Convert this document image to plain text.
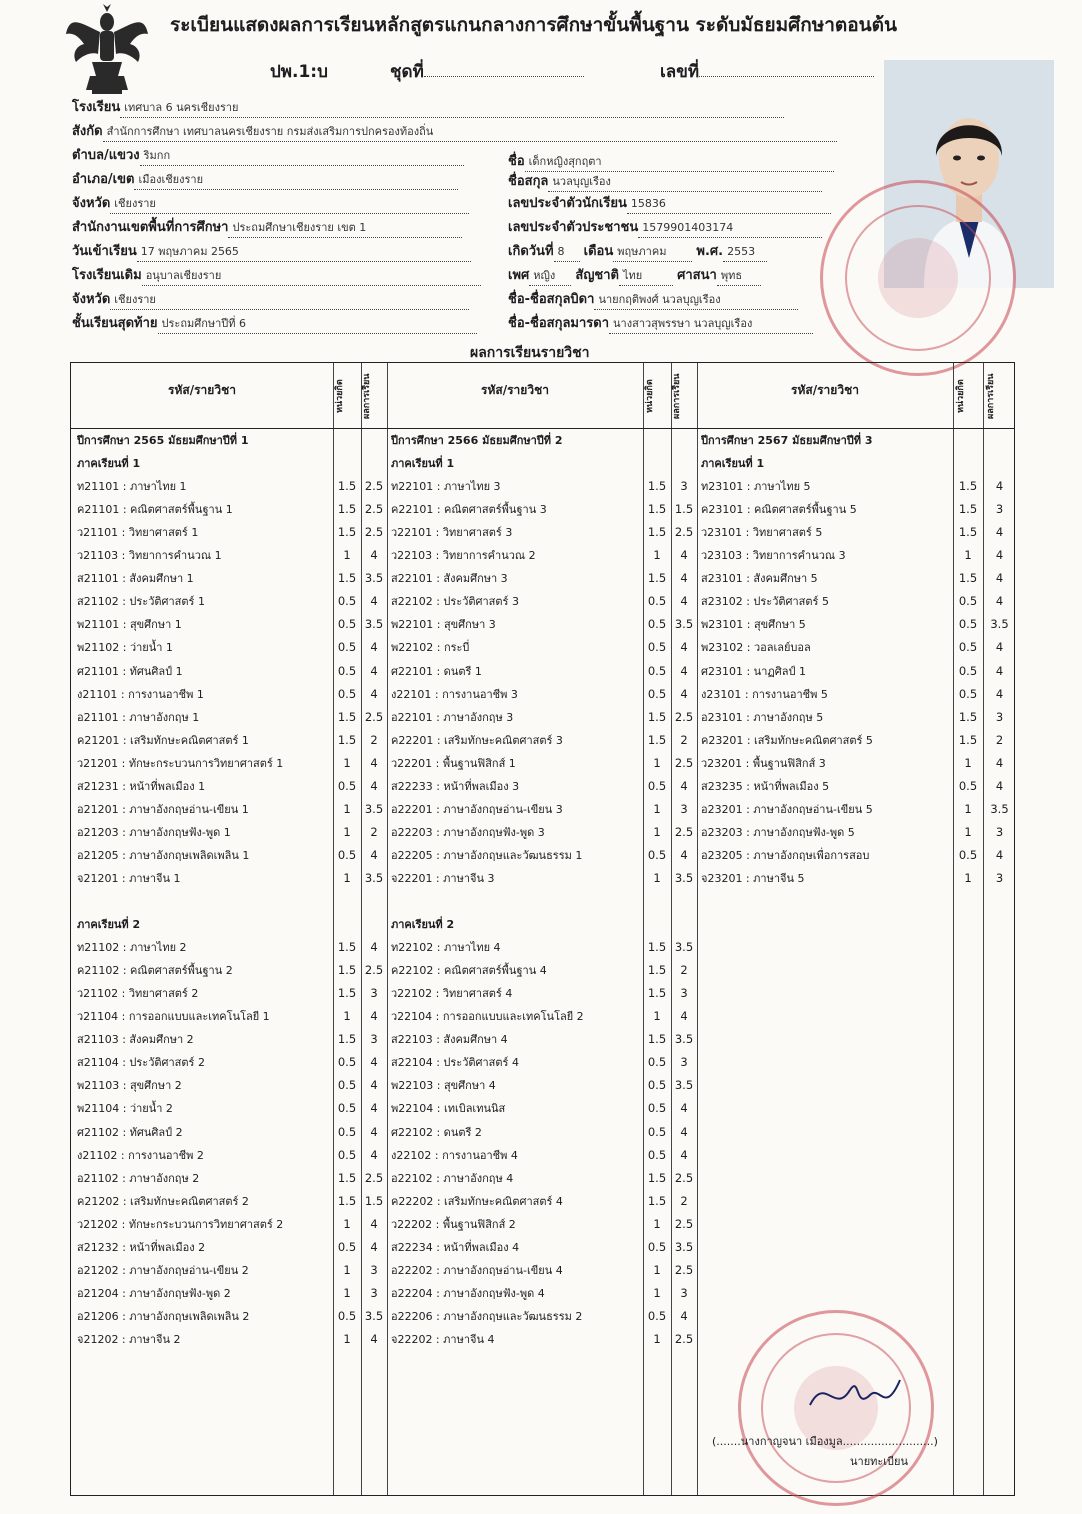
ระเบียนแสดงผลการเรียนหลักสูตรแกนกลางการศึกษาขั้นพื้นฐาน ระดับมัธยมศึกษาตอนต้น
ปพ.1:บ	ชุดที่	เลขที่
โรงเรียน เทศบาล 6 นครเชียงราย
สังกัด สำนักการศึกษา เทศบาลนครเชียงราย กรมส่งเสริมการปกครองท้องถิ่น
ตำบล/แขวง ริมกก
อำเภอ/เขต เมืองเชียงราย
จังหวัด เชียงราย
สำนักงานเขตพื้นที่การศึกษา ประถมศึกษาเชียงราย เขต 1
วันเข้าเรียน 17 พฤษภาคม 2565
โรงเรียนเดิม อนุบาลเชียงราย
จังหวัด เชียงราย
ชั้นเรียนสุดท้าย ประถมศึกษาปีที่ 6
ชื่อ เด็กหญิงสุกฤตา
ชื่อสกุล นวลบุญเรือง
เลขประจำตัวนักเรียน 15836
เลขประจำตัวประชาชน 1579901403174
เกิดวันที่ 8 เดือน พฤษภาคม พ.ศ. 2553
เพศ หญิง สัญชาติ ไทย	ศาสนา พุทธ
ชื่อ-ชื่อสกุลบิดา นายกฤติพงศ์ นวลบุญเรือง
ชื่อ-ชื่อสกุลมารดา นางสาวสุพรรษา นวลบุญเรือง
ผลการเรียนรายวิชา
รหัส/รายวิชา	หน่วยกิต	ผลการเรียน	รหัส/รายวิชา	หน่วยกิต	ผลการเรียน	รหัส/รายวิชา	หน่วยกิต	ผลการเรียน
ปีการศึกษา 2565 มัธยมศึกษาปีที่ 1
ภาคเรียนที่ 1
ท21101 : ภาษาไทย 1	1.5 2.5
ค21101 : คณิตศาสตร์พื้นฐาน 1	1.5 2.5
ว21101 : วิทยาศาสตร์ 1	1.5 2.5
ว21103 : วิทยาการคำนวณ 1	1	4
ส21101 : สังคมศึกษา 1	1.5 3.5
ส21102 : ประวัติศาสตร์ 1	0.5	4
พ21101 : สุขศึกษา 1	0.5 3.5
พ21102 : ว่ายน้ำ 1	0.5	4
ศ21101 : ทัศนศิลป์ 1	0.5	4
ง21101 : การงานอาชีพ 1	0.5	4
อ21101 : ภาษาอังกฤษ 1	1.5 2.5
ค21201 : เสริมทักษะคณิตศาสตร์ 1	1.5	2
ว21201 : ทักษะกระบวนการวิทยาศาสตร์ 1	1	4
ส21231 : หน้าที่พลเมือง 1	0.5	4
อ21201 : ภาษาอังกฤษอ่าน-เขียน 1	1	3.5
อ21203 : ภาษาอังกฤษฟัง-พูด 1	1	2
อ21205 : ภาษาอังกฤษเพลิดเพลิน 1	0.5	4
จ21201 : ภาษาจีน 1	1	3.5
ภาคเรียนที่ 2
ท21102 : ภาษาไทย 2	1.5	4
ค21102 : คณิตศาสตร์พื้นฐาน 2	1.5 2.5
ว21102 : วิทยาศาสตร์ 2	1.5	3
ว21104 : การออกแบบและเทคโนโลยี 1	1	4
ส21103 : สังคมศึกษา 2	1.5	3
ส21104 : ประวัติศาสตร์ 2	0.5	4
พ21103 : สุขศึกษา 2	0.5	4
พ21104 : ว่ายน้ำ 2	0.5	4
ศ21102 : ทัศนศิลป์ 2	0.5	4
ง21102 : การงานอาชีพ 2	0.5	4
อ21102 : ภาษาอังกฤษ 2	1.5 2.5
ค21202 : เสริมทักษะคณิตศาสตร์ 2	1.5 1.5
ว21202 : ทักษะกระบวนการวิทยาศาสตร์ 2	1	4
ส21232 : หน้าที่พลเมือง 2	0.5	4
อ21202 : ภาษาอังกฤษอ่าน-เขียน 2	1	3
อ21204 : ภาษาอังกฤษฟัง-พูด 2	1	3
อ21206 : ภาษาอังกฤษเพลิดเพลิน 2	0.5 3.5
จ21202 : ภาษาจีน 2	1	4
ปีการศึกษา 2566 มัธยมศึกษาปีที่ 2
ภาคเรียนที่ 1
ท22101 : ภาษาไทย 3	1.5	3
ค22101 : คณิตศาสตร์พื้นฐาน 3	1.5 1.5
ว22101 : วิทยาศาสตร์ 3	1.5 2.5
ว22103 : วิทยาการคำนวณ 2	1	4
ส22101 : สังคมศึกษา 3	1.5	4
ส22102 : ประวัติศาสตร์ 3	0.5	4
พ22101 : สุขศึกษา 3	0.5 3.5
พ22102 : กระบี่	0.5	4
ศ22101 : ดนตรี 1	0.5	4
ง22101 : การงานอาชีพ 3	0.5	4
อ22101 : ภาษาอังกฤษ 3	1.5 2.5
ค22201 : เสริมทักษะคณิตศาสตร์ 3	1.5	2
ว22201 : พื้นฐานฟิสิกส์ 1	1	2.5
ส22233 : หน้าที่พลเมือง 3	0.5	4
อ22201 : ภาษาอังกฤษอ่าน-เขียน 3	1	3
อ22203 : ภาษาอังกฤษฟัง-พูด 3	1	2.5
อ22205 : ภาษาอังกฤษและวัฒนธรรม 1	0.5	4
จ22201 : ภาษาจีน 3	1	3.5
ภาคเรียนที่ 2
ท22102 : ภาษาไทย 4	1.5 3.5
ค22102 : คณิตศาสตร์พื้นฐาน 4	1.5	2
ว22102 : วิทยาศาสตร์ 4	1.5	3
ว22104 : การออกแบบและเทคโนโลยี 2	1	4
ส22103 : สังคมศึกษา 4	1.5 3.5
ส22104 : ประวัติศาสตร์ 4	0.5	3
พ22103 : สุขศึกษา 4	0.5 3.5
พ22104 : เทเบิลเทนนิส	0.5	4
ศ22102 : ดนตรี 2	0.5	4
ง22102 : การงานอาชีพ 4	0.5	4
อ22102 : ภาษาอังกฤษ 4	1.5 2.5
ค22202 : เสริมทักษะคณิตศาสตร์ 4	1.5	2
ว22202 : พื้นฐานฟิสิกส์ 2	1	2.5
ส22234 : หน้าที่พลเมือง 4	0.5 3.5
อ22202 : ภาษาอังกฤษอ่าน-เขียน 4	1	2.5
อ22204 : ภาษาอังกฤษฟัง-พูด 4	1	3
อ22206 : ภาษาอังกฤษและวัฒนธรรม 2	0.5	4
จ22202 : ภาษาจีน 4	1	2.5
ปีการศึกษา 2567 มัธยมศึกษาปีที่ 3
ภาคเรียนที่ 1
ท23101 : ภาษาไทย 5	1.5	4
ค23101 : คณิตศาสตร์พื้นฐาน 5	1.5	3
ว23101 : วิทยาศาสตร์ 5	1.5	4
ว23103 : วิทยาการคำนวณ 3	1	4
ส23101 : สังคมศึกษา 5	1.5	4
ส23102 : ประวัติศาสตร์ 5	0.5	4
พ23101 : สุขศึกษา 5	0.5	3.5
พ23102 : วอลเลย์บอล	0.5	4
ศ23101 : นาฏศิลป์ 1	0.5	4
ง23101 : การงานอาชีพ 5	0.5	4
อ23101 : ภาษาอังกฤษ 5	1.5	3
ค23201 : เสริมทักษะคณิตศาสตร์ 5	1.5	2
ว23201 : พื้นฐานฟิสิกส์ 3	1	4
ส23235 : หน้าที่พลเมือง 5	0.5	4
อ23201 : ภาษาอังกฤษอ่าน-เขียน 5	1	3.5
อ23203 : ภาษาอังกฤษฟัง-พูด 5	1	3
อ23205 : ภาษาอังกฤษเพื่อการสอบ	0.5	4
จ23201 : ภาษาจีน 5	1	3
(.......นางกาญจนา เมืองมูล..........................)
นายทะเบียน
